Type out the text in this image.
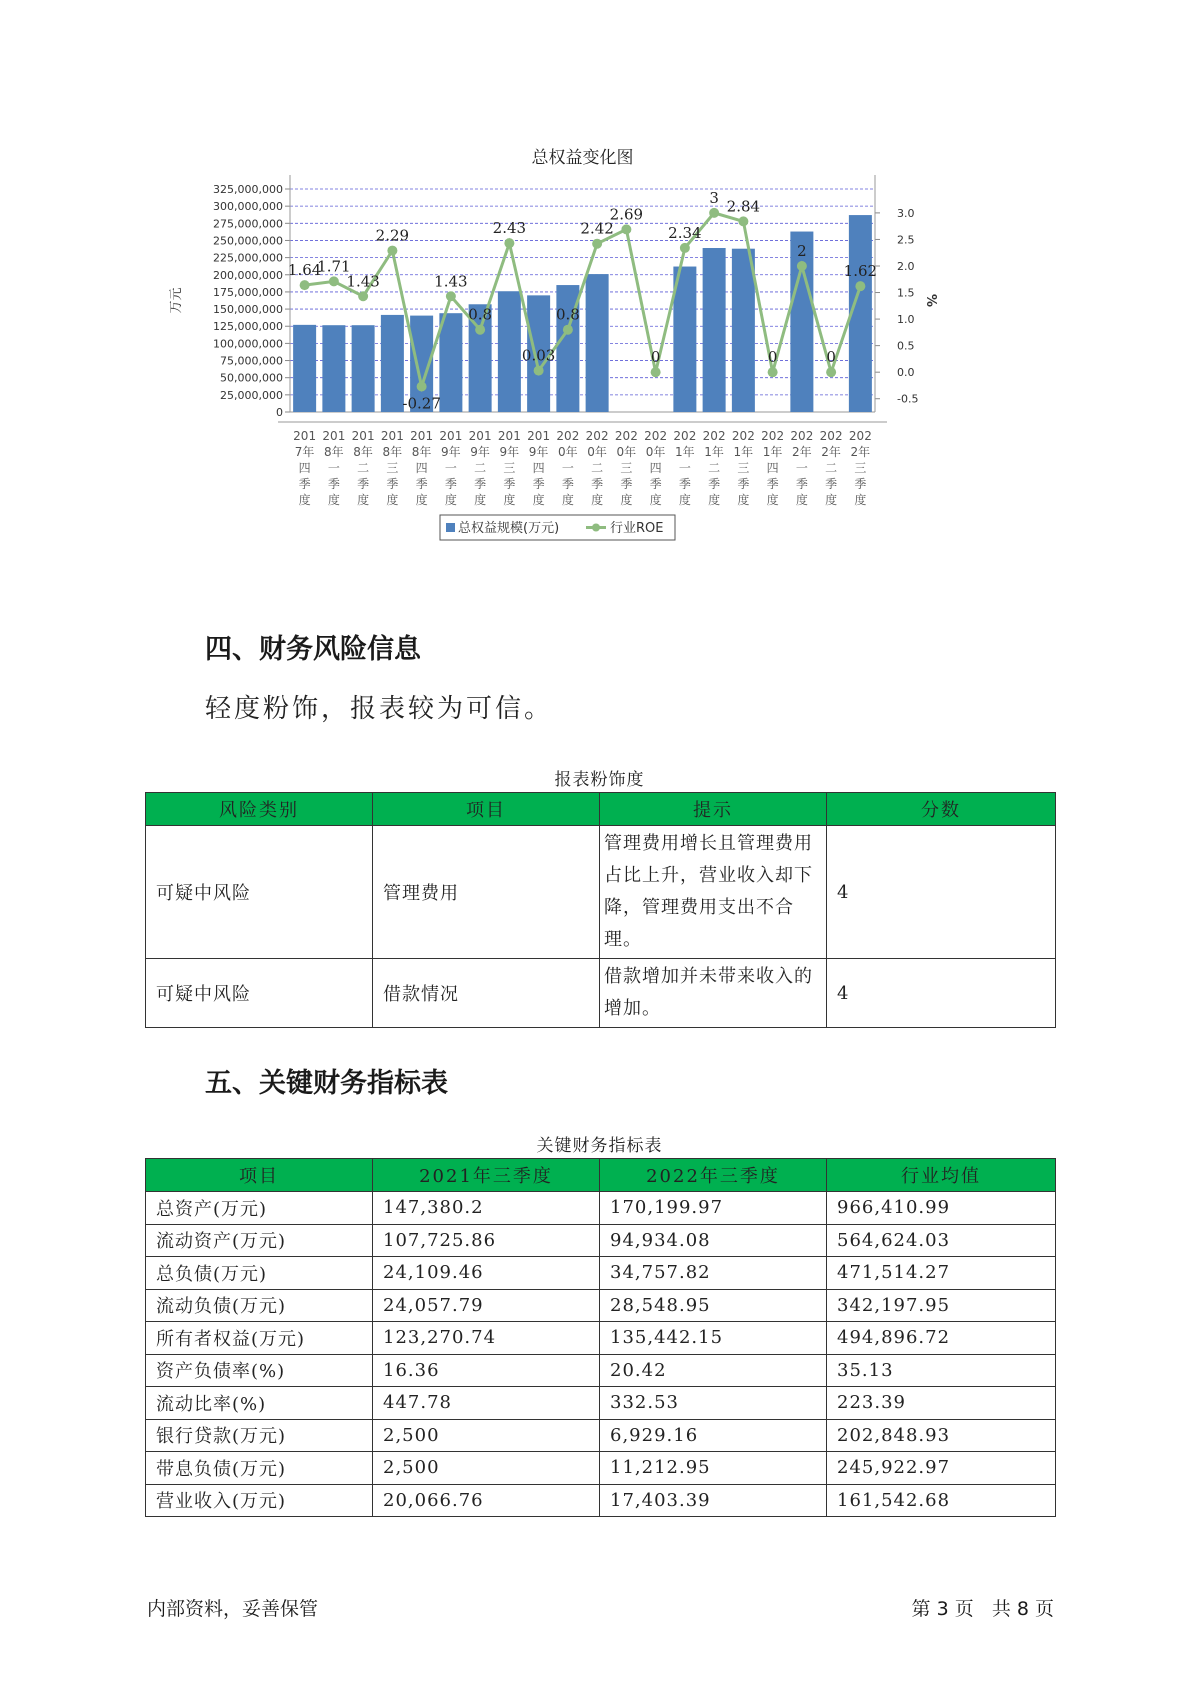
总权益变化图
325,000,000
300,000,000
275,000,000
250,000,000
225,000,000
200,000,000
175,000,000
150,000,000
125,000,000
100,000,000
75,000,000
50,000,000
25,000,000
0
3.0
2.5
2.0
1.5
1.0
0.5
0.0
-0.5
万元	%
1.64
1.71
1.43
2.29
-0.27
1.43
0.8
2.43
0.03
0.8
2.42
2.69
0
2.34
3 2.84
0
2
0
1.62
201
7年
四
季
度
201
8年
一
季
度
201
8年
二
季
度
201
8年
三
季
度
201
8年
四
季
度
201
9年
一
季
度
201
9年
二
季
度
201
9年
三
季
度
201
9年
四
季
度
202
0年
一
季
度
202
0年
二
季
度
202
0年
三
季
度
202
0年
四
季
度
202
1年
一
季
度
202
1年
二
季
度
202
1年
三
季
度
202
1年
四
季
度
202
2年
一
季
度
202
2年
二
季
度
202
2年
三
季
度
总权益规模(万元)	行业ROE
四、财务风险信息
轻度粉饰，报表较为可信。
报表粉饰度
风险类别	项目	提示	分数
可疑中风险	管理费用	管理费用增长且管理费用占比上升，营业收入却下降，管理费用支出不合理。	4
可疑中风险	借款情况	借款增加并未带来收入的增加。	4
五、关键财务指标表
关键财务指标表
项目	2021年三季度	2022年三季度	行业均值
总资产(万元)	147,380.2	170,199.97	966,410.99
流动资产(万元)	107,725.86	94,934.08	564,624.03
总负债(万元)	24,109.46	34,757.82	471,514.27
流动负债(万元)	24,057.79	28,548.95	342,197.95
所有者权益(万元)	123,270.74	135,442.15	494,896.72
资产负债率(%)	16.36	20.42	35.13
流动比率(%)	447.78	332.53	223.39
银行贷款(万元)	2,500	6,929.16	202,848.93
带息负债(万元)	2,500	11,212.95	245,922.97
营业收入(万元)	20,066.76	17,403.39	161,542.68
内部资料，妥善保管	第 3 页   共 8 页
